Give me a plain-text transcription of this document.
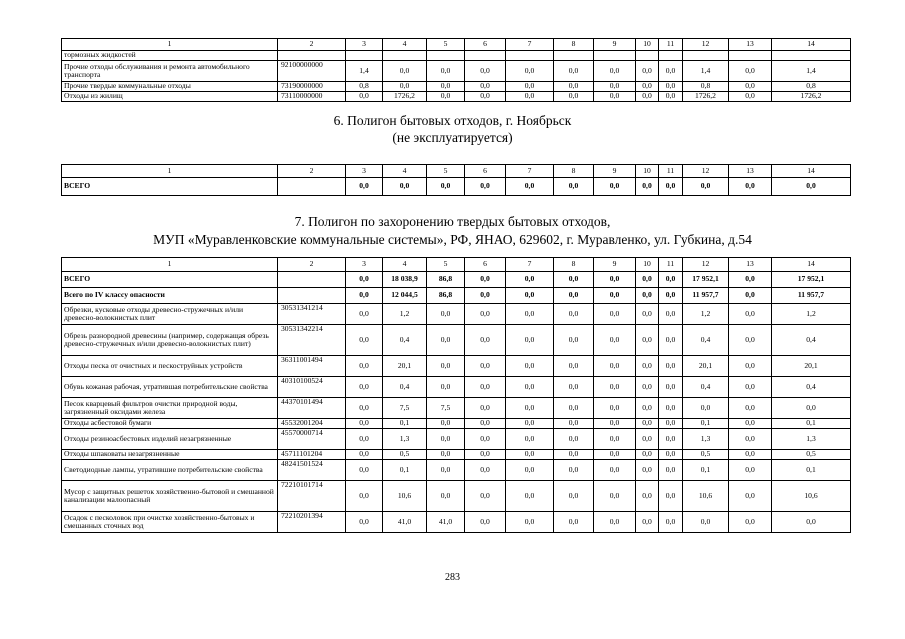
1	2	3	4	5	6	7	8	9	10	11	12	13	14
тормозных жидкостей													
Прочие отходы обслуживания и ремонта автомобильного транспорта	92100000000	1,4	0,0	0,0	0,0	0,0	0,0	0,0	0,0	0,0	1,4	0,0	1,4
Прочие твердые коммунальные отходы	73190000000	0,8	0,0	0,0	0,0	0,0	0,0	0,0	0,0	0,0	0,8	0,0	0,8
Отходы из жилищ	73110000000	0,0	1726,2	0,0	0,0	0,0	0,0	0,0	0,0	0,0	1726,2	0,0	1726,2
6. Полигон бытовых отходов, г. Ноябрьск
(не эксплуатируется)
1	2	3	4	5	6	7	8	9	10	11	12	13	14
ВСЕГО		0,0	0,0	0,0	0,0	0,0	0,0	0,0	0,0	0,0	0,0	0,0	0,0
7. Полигон по захоронению твердых бытовых отходов,
МУП «Муравленковские коммунальные системы», РФ, ЯНАО, 629602, г. Муравленко, ул. Губкина, д.54
1	2	3	4	5	6	7	8	9	10	11	12	13	14
ВСЕГО		0,0	18 038,9	86,8	0,0	0,0	0,0	0,0	0,0	0,0	17 952,1	0,0	17 952,1
Всего по IV классу опасности		0,0	12 044,5	86,8	0,0	0,0	0,0	0,0	0,0	0,0	11 957,7	0,0	11 957,7
Обрезки, кусковые отходы древесно-стружечных и/или древесно-волокнистых плит	30531341214	0,0	1,2	0,0	0,0	0,0	0,0	0,0	0,0	0,0	1,2	0,0	1,2
Обрезь разнородной древесины (например, содержащая обрезь древесно-стружечных и/или древесно-волокнистых плит)	30531342214	0,0	0,4	0,0	0,0	0,0	0,0	0,0	0,0	0,0	0,4	0,0	0,4
Отходы песка от очистных и пескоструйных устройств	36311001494	0,0	20,1	0,0	0,0	0,0	0,0	0,0	0,0	0,0	20,1	0,0	20,1
Обувь кожаная рабочая, утратившая потребительские свойства	40310100524	0,0	0,4	0,0	0,0	0,0	0,0	0,0	0,0	0,0	0,4	0,0	0,4
Песок кварцевый фильтров очистки природной воды, загрязненный оксидами железа	44370101494	0,0	7,5	7,5	0,0	0,0	0,0	0,0	0,0	0,0	0,0	0,0	0,0
Отходы асбестовой бумаги	45532001204	0,0	0,1	0,0	0,0	0,0	0,0	0,0	0,0	0,0	0,1	0,0	0,1
Отходы резиноасбестовых изделий незагрязненные	45570000714	0,0	1,3	0,0	0,0	0,0	0,0	0,0	0,0	0,0	1,3	0,0	1,3
Отходы шпаковаты незагрязненные	45711101204	0,0	0,5	0,0	0,0	0,0	0,0	0,0	0,0	0,0	0,5	0,0	0,5
Светодиодные лампы, утратившие потребительские свойства	48241501524	0,0	0,1	0,0	0,0	0,0	0,0	0,0	0,0	0,0	0,1	0,0	0,1
Мусор с защитных решеток хозяйственно-бытовой и смешанной канализации малоопасный	72210101714	0,0	10,6	0,0	0,0	0,0	0,0	0,0	0,0	0,0	10,6	0,0	10,6
Осадок с песколовок при очистке хозяйственно-бытовых и смешанных сточных вод	72210201394	0,0	41,0	41,0	0,0	0,0	0,0	0,0	0,0	0,0	0,0	0,0	0,0
283
